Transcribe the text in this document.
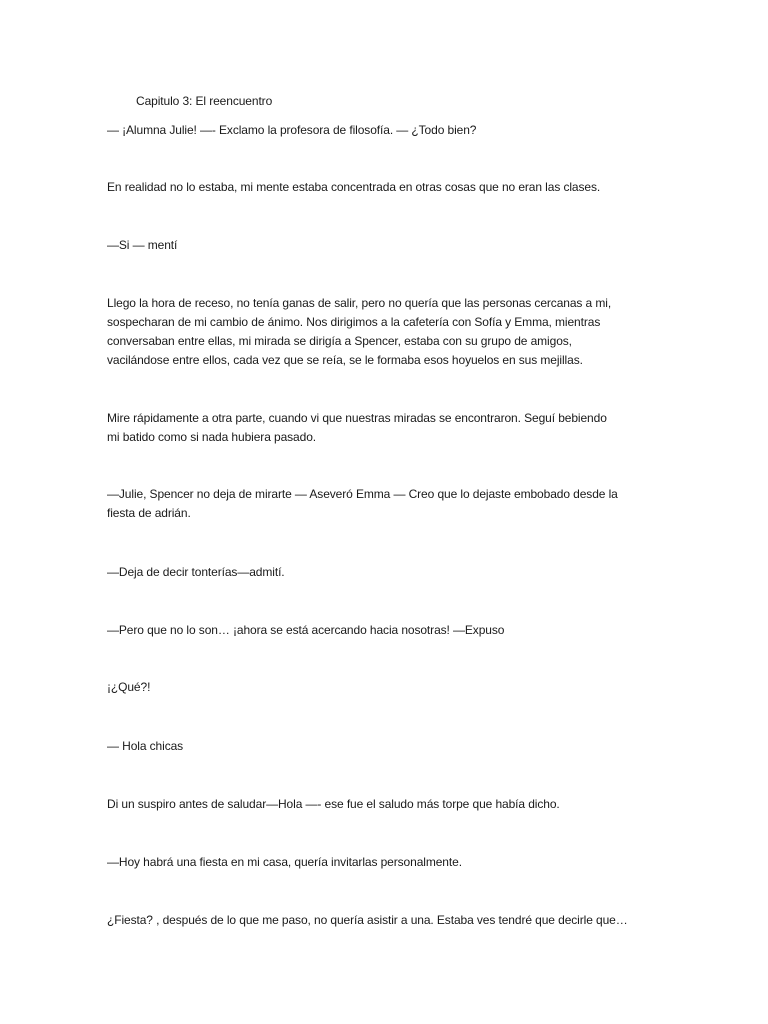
Capitulo 3: El reencuentro

— ¡Alumna Julie! —- Exclamo la profesora de filosofía. — ¿Todo bien?

En realidad no lo estaba, mi mente estaba concentrada en otras cosas que no eran las clases.

—Si — mentí

Llego la hora de receso, no tenía ganas de salir, pero no quería que las personas cercanas a mi,
sospecharan de mi cambio de ánimo. Nos dirigimos a la cafetería con Sofía y Emma, mientras
conversaban entre ellas, mi mirada se dirigía a Spencer, estaba con su grupo de amigos,
vacilándose entre ellos, cada vez que se reía, se le formaba esos hoyuelos en sus mejillas.

Mire rápidamente a otra parte, cuando vi que nuestras miradas se encontraron. Seguí bebiendo
mi batido como si nada hubiera pasado.

—Julie, Spencer no deja de mirarte — Aseveró Emma — Creo que lo dejaste embobado desde la
fiesta de adrián.

—Deja de decir tonterías—admití.

—Pero que no lo son… ¡ahora se está acercando hacia nosotras! —Expuso

¡¿Qué?!

— Hola chicas

Di un suspiro antes de saludar—Hola —- ese fue el saludo más torpe que había dicho.

—Hoy habrá una fiesta en mi casa, quería invitarlas personalmente.

¿Fiesta? , después de lo que me paso, no quería asistir a una. Estaba ves tendré que decirle que…
